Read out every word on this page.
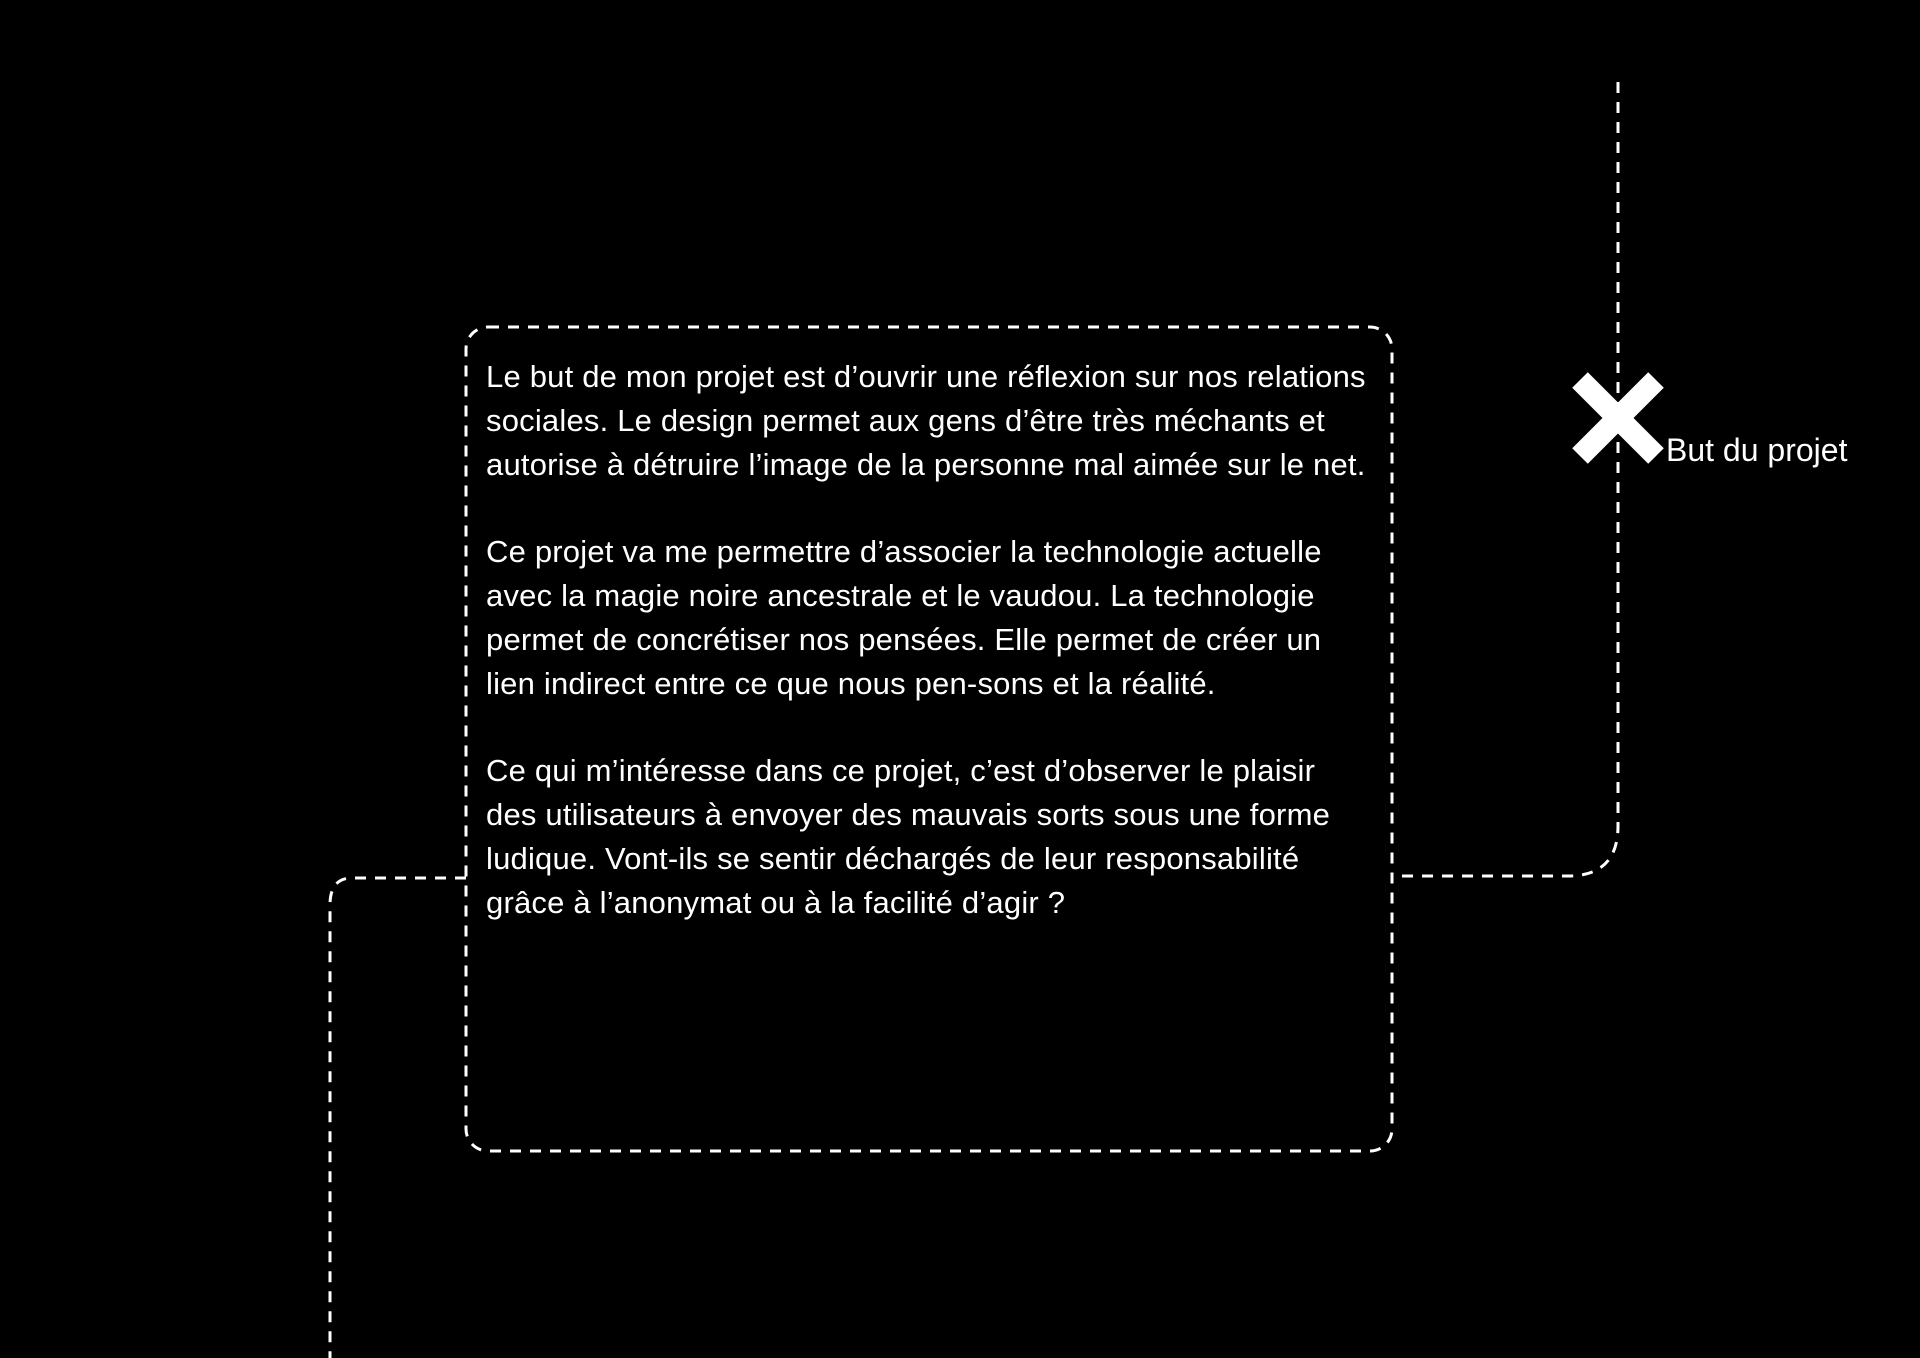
Le but de mon projet est d’ouvrir une réflexion sur nos relations sociales. Le design permet aux gens d’être très méchants et autorise à détruire l’image de la personne mal aimée sur le net.

Ce projet va me permettre d’associer la technologie actuelle avec la magie noire ancestrale et le vaudou. La technologie permet de concrétiser nos pensées. Elle permet de créer un lien indirect entre ce que nous pen-sons et la réalité.

Ce qui m’intéresse dans ce projet, c’est d’observer le plaisir des utilisateurs à envoyer des mauvais sorts sous une forme ludique. Vont-ils se sentir déchargés de leur responsabilité grâce à l’anonymat ou à la facilité d’agir ?

But du projet
